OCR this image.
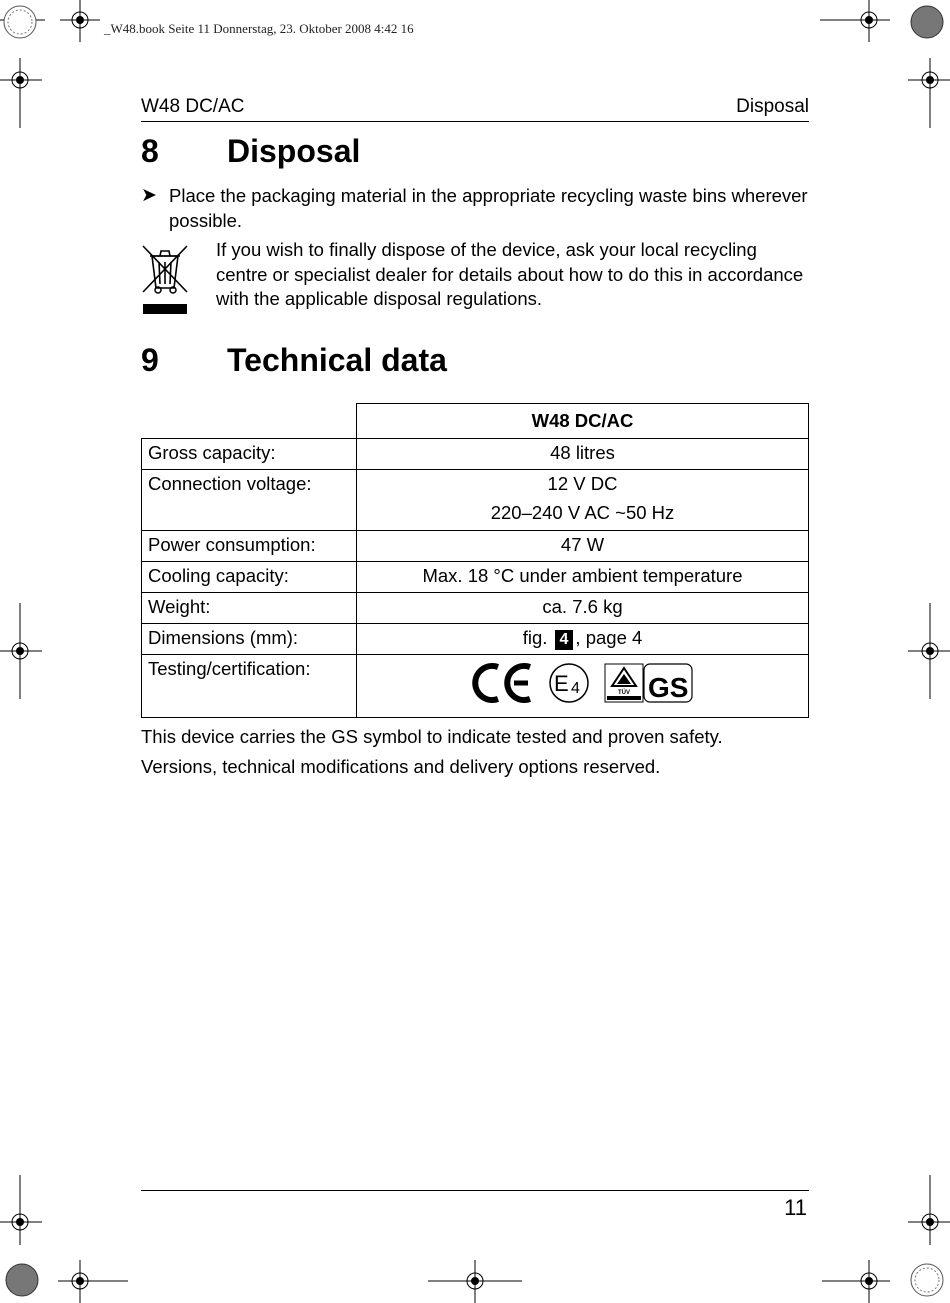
_W48.book Seite 11 Donnerstag, 23. Oktober 2008 4:42 16
W48 DC/AC	Disposal
8 Disposal
➤ Place the packaging material in the appropriate recycling waste bins wherever possible.
If you wish to finally dispose of the device, ask your local recycling centre or specialist dealer for details about how to do this in accordance with the applicable disposal regulations.
9 Technical data
	W48 DC/AC
Gross capacity:	48 litres
Connection voltage:	12 V DC
220–240 V AC ~50 Hz

Power consumption:	47 W
Cooling capacity:	Max. 18 °C under ambient temperature
Weight:	ca. 7.6 kg
Dimensions (mm):	fig. 4 , page 4
Testing/certification:	E 4 TÜV GS
This device carries the GS symbol to indicate tested and proven safety.
Versions, technical modifications and delivery options reserved.
11
